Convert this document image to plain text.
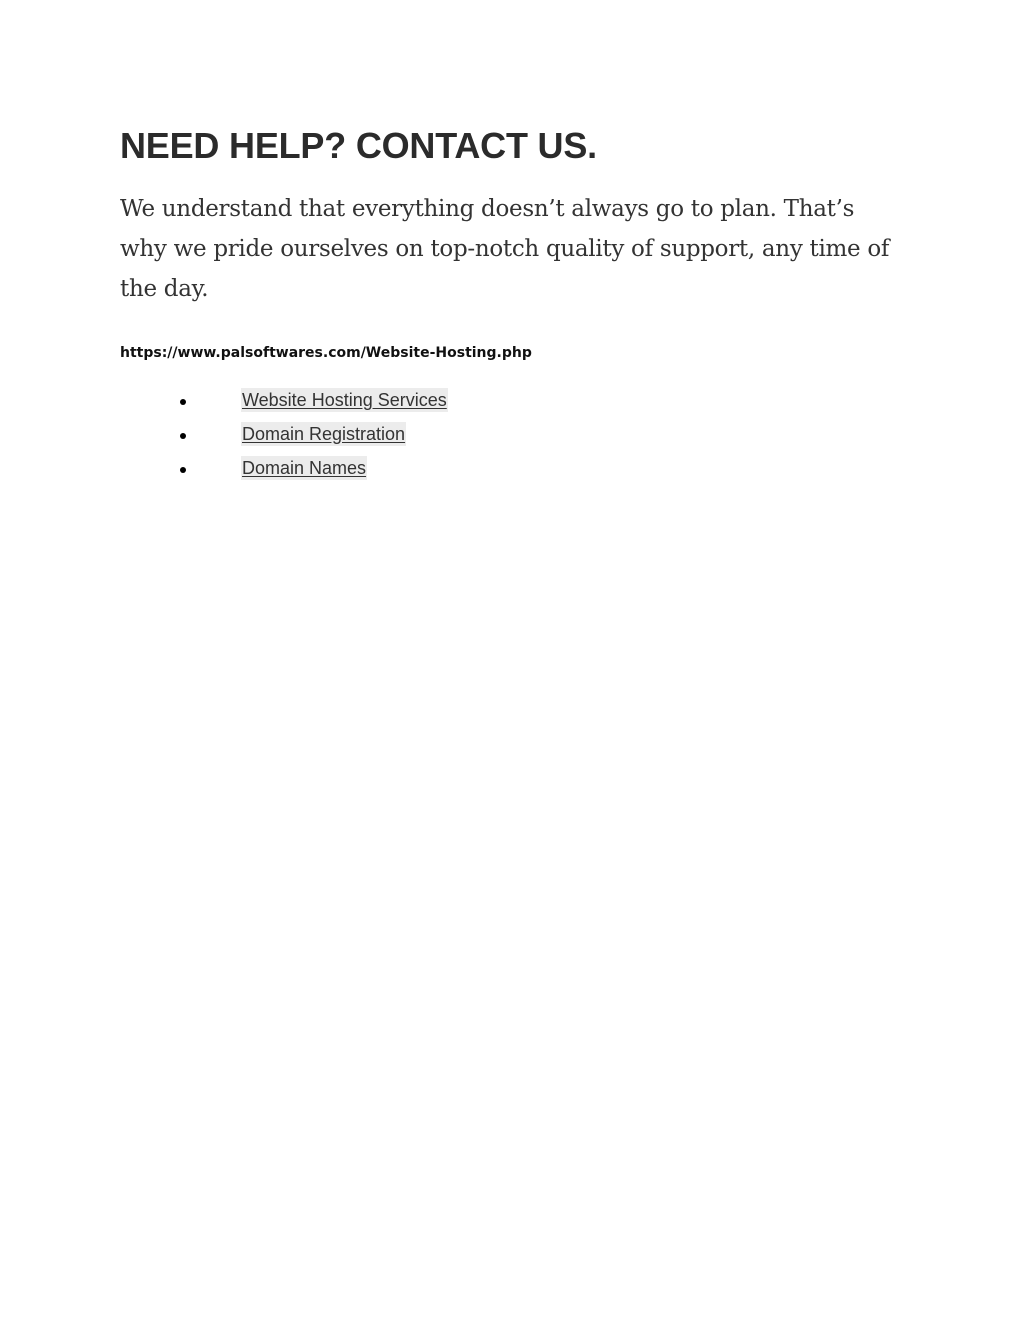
NEED HELP? CONTACT US.

We understand that everything doesn’t always go to plan. That’s why we pride ourselves on top-notch quality of support, any time of the day.

https://www.palsoftwares.com/Website-Hosting.php

Website Hosting Services
Domain Registration
Domain Names
